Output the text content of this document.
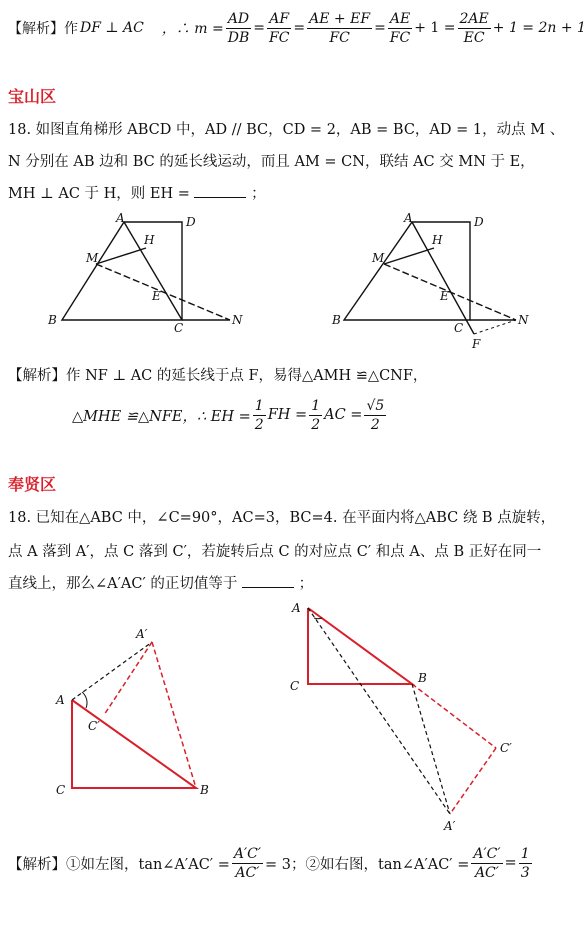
【解析】 作 DF ⊥ AC ，∴ $m = \frac{AD}{DB} = \frac{AF}{FC} = \frac{AE + EF}{FC} = \frac{AE}{FC} + 1 = \frac{2AE}{EC} + 1 = 2n + 1$
宝山区
18. 如图直角梯形 ABCD 中，AD // BC，CD = 2，AB = BC，AD = 1，动点 M 、
N 分别在 AB 边和 BC 的延长线运动，而且 AM = CN，联结 AC 交 MN 于 E，
MH ⊥ AC 于 H，则 EH =	；
A	D
H
M
E
B
C
N
A	D
H
M
E
B
C
N
F
【解析】作 NF ⊥ AC 的延长线于点 F，易得△AMH ≌△CNF，
△MHE ≌△NFE，∴ EH = $\frac{1}{2}$ FH = $\frac{1}{2}$ AC = $\frac{√5}{2}$
奉贤区
18. 已知在△ABC 中，∠C=90°，AC=3，BC=4. 在平面内将△ABC 绕 B 点旋转，
点 A 落到 A′，点 C 落到 C′，若旋转后点 C 的对应点 C′ 和点 A、点 B 正好在同一
直线上，那么∠A′AC′ 的正切值等于	；
A′
A
C′
C	B
A
C
B
C′
A′
【解析】①如左图，tan∠A′AC′ = $\frac{A'C'}{AC'} = 3$；②如右图，tan∠A′AC′ = $\frac{A'C'}{AC'} = \frac{1}{3}$
